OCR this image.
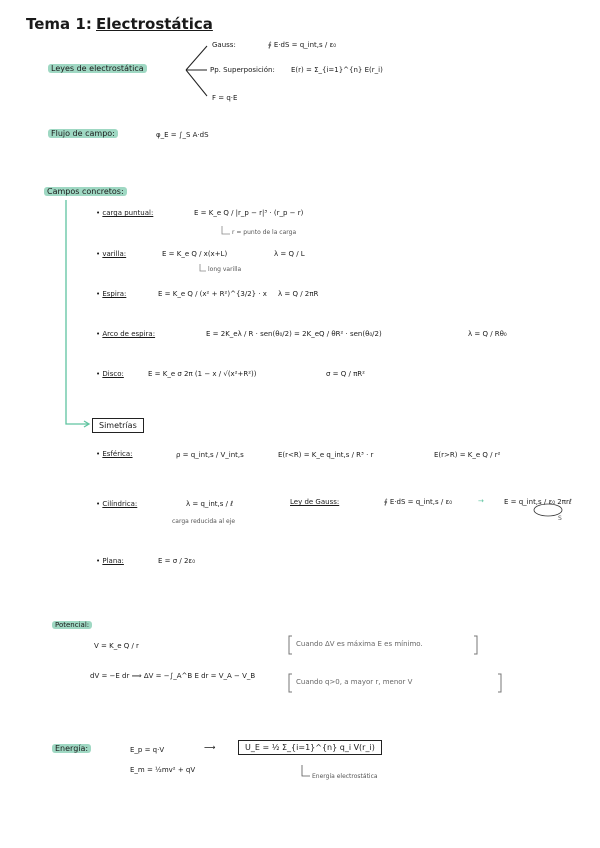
Tema 1: Electrostática
Leyes de electrostática
Gauss:	∮ E·dS = q_int,s / ε₀
Pp. Superposición: E(r) = Σ_{i=1}^{n} E(r_i)
F = q·E
Flujo de campo:	φ_E = ∫_S A·dS
Campos concretos:
• carga puntual:	E = K_e Q / |r_p − r|³ · (r_p − r)
r = punto de la carga
• varilla:	E = K_e Q / x(x+L)	λ = Q / L
long varilla
• Espira:	E = K_e Q / (x² + R²)^{3/2} · x λ = Q / 2πR
• Arco de espira:	E = 2K_eλ / R · sen(θ₀/2) = 2K_eQ / θR² · sen(θ₀/2)	λ = Q / Rθ₀
• Disco:	E = K_e σ 2π (1 − x / √(x²+R²))	σ = Q / πR²
Simetrías
• Esférica:	ρ = q_int,s / V_int,s	E(r<R) = K_e q_int,s / R³ · r	E(r>R) = K_e Q / r²
• Cilíndrica:	λ = q_int,s / ℓ
carga reducida al eje
Ley de Gauss:	∮ E·dS = q_int,s / ε₀	→	E = q_int,s / ε₀ 2πrℓ
S
• Plana:	E = σ / 2ε₀
Potencial:
V = K_e Q / r
dV = −E dr ⟹ ΔV = −∫_A^B E dr = V_A − V_B
Cuando ΔV es máxima E es mínimo.
Cuando q>0, a mayor r, menor V
Energía:	E_p = q·V
E_m = ½mv² + qV
⟶	U_E = ½ Σ_{i=1}^{n} q_i V(r_i)
Energía electrostática
